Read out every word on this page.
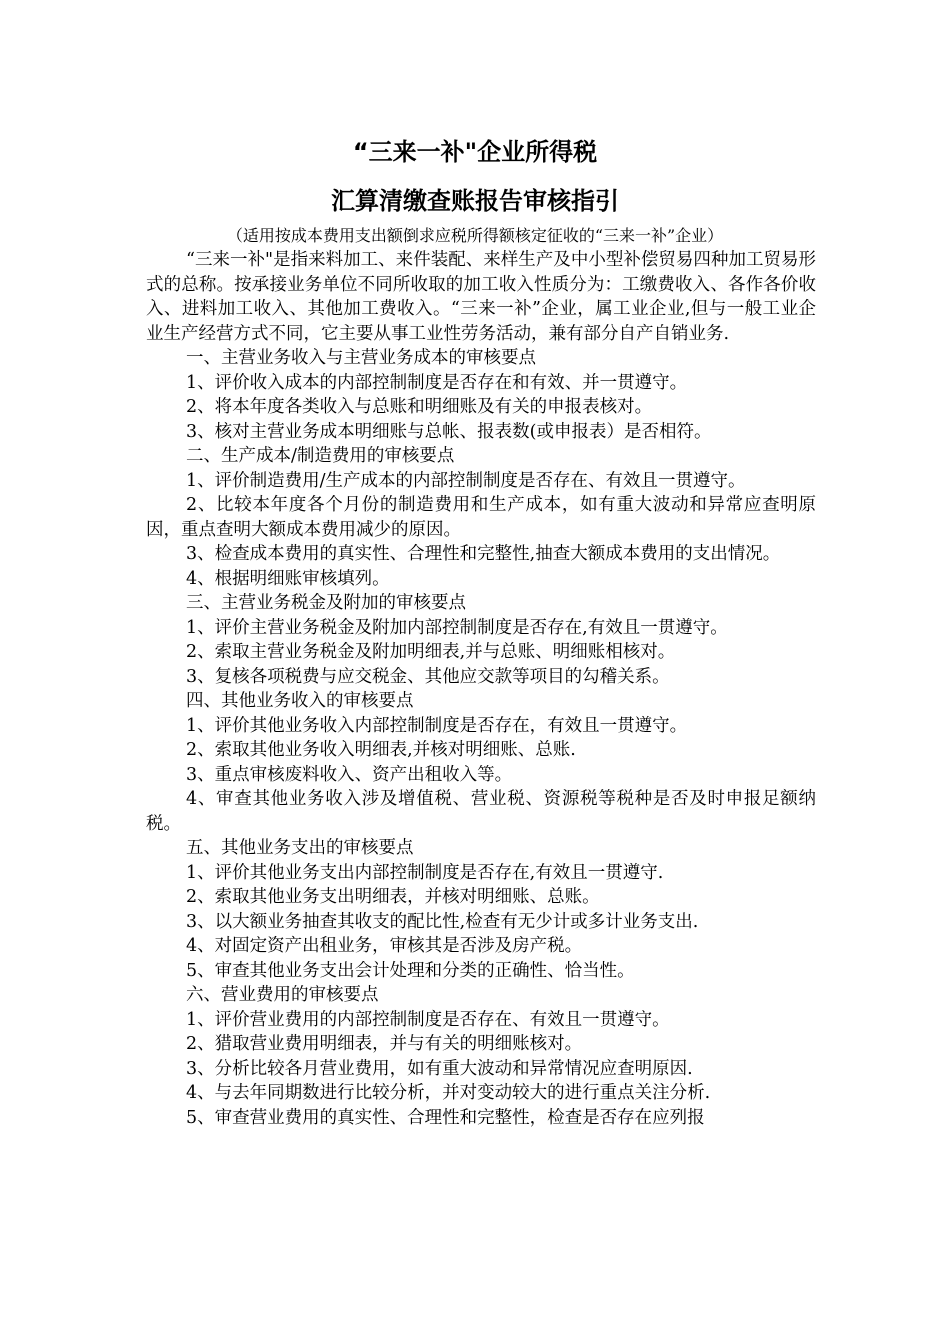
“三来一补"企业所得税
汇算清缴查账报告审核指引
（适用按成本费用支出额倒求应税所得额核定征收的“三来一补”企业）

“三来一补"是指来料加工、来件装配、来样生产及中小型补偿贸易四种加工贸易形式的总称。按承接业务单位不同所收取的加工收入性质分为：工缴费收入、各作各价收入、进料加工收入、其他加工费收入。“三来一补”企业，属工业企业,但与一般工业企业生产经营方式不同，它主要从事工业性劳务活动，兼有部分自产自销业务.

一、主营业务收入与主营业务成本的审核要点

1、评价收入成本的内部控制制度是否存在和有效、并一贯遵守。

2、将本年度各类收入与总账和明细账及有关的申报表核对。

3、核对主营业务成本明细账与总帐、报表数(或申报表）是否相符。

二、生产成本/制造费用的审核要点

1、评价制造费用/生产成本的内部控制制度是否存在、有效且一贯遵守。

2、比较本年度各个月份的制造费用和生产成本，如有重大波动和异常应查明原因，重点查明大额成本费用减少的原因。

3、检查成本费用的真实性、合理性和完整性,抽查大额成本费用的支出情况。

4、根据明细账审核填列。

三、主营业务税金及附加的审核要点

1、评价主营业务税金及附加内部控制制度是否存在,有效且一贯遵守。

2、索取主营业务税金及附加明细表,并与总账、明细账相核对。

3、复核各项税费与应交税金、其他应交款等项目的勾稽关系。

四、其他业务收入的审核要点

1、评价其他业务收入内部控制制度是否存在，有效且一贯遵守。

2、索取其他业务收入明细表,并核对明细账、总账.

3、重点审核废料收入、资产出租收入等。

4、审查其他业务收入涉及增值税、营业税、资源税等税种是否及时申报足额纳税。

五、其他业务支出的审核要点

1、评价其他业务支出内部控制制度是否存在,有效且一贯遵守.

2、索取其他业务支出明细表，并核对明细账、总账。

3、以大额业务抽查其收支的配比性,检查有无少计或多计业务支出.

4、对固定资产出租业务，审核其是否涉及房产税。

5、审查其他业务支出会计处理和分类的正确性、恰当性。

六、营业费用的审核要点

1、评价营业费用的内部控制制度是否存在、有效且一贯遵守。

2、猎取营业费用明细表，并与有关的明细账核对。

3、分析比较各月营业费用，如有重大波动和异常情况应查明原因.

4、与去年同期数进行比较分析，并对变动较大的进行重点关注分析.

5、审查营业费用的真实性、合理性和完整性，检查是否存在应列报
